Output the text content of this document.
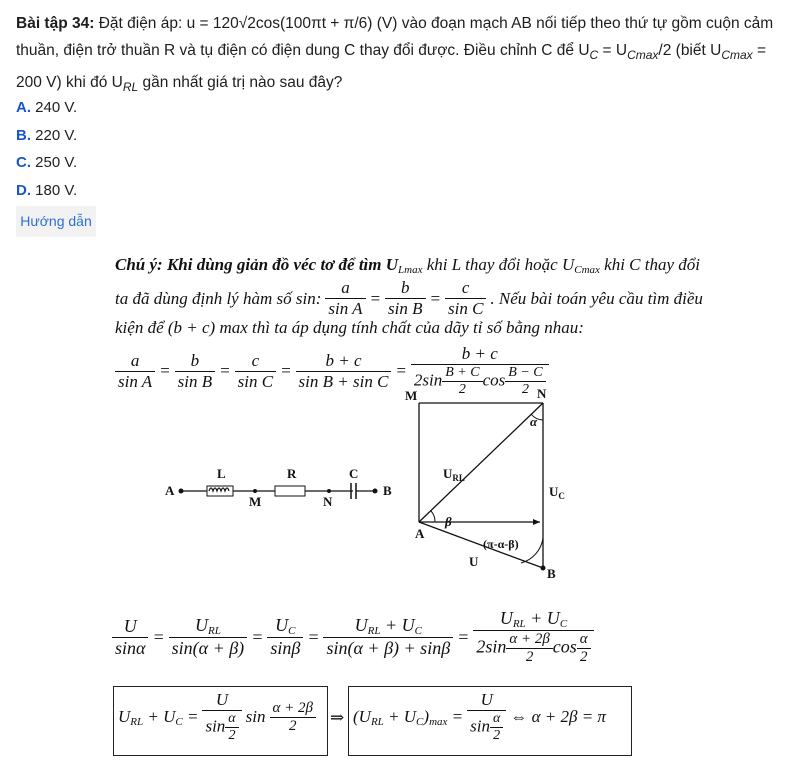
Bài tập 34: Đặt điện áp: u = 120√2cos(100πt + π/6) (V) vào đoạn mạch AB nối tiếp theo thứ tự gồm cuộn cảm thuần, điện trở thuần R và tụ điện có điện dung C thay đổi được. Điều chỉnh C để $U_C = U_{Cmax}/2$ (biết $U_{Cmax} = 200$ V) khi đó $U_{RL}$ gần nhất giá trị nào sau đây?
A. 240 V.
B. 220 V.
C. 250 V.
D. 180 V.
Hướng dẫn
Chú ý: Khi dùng giản đồ véc tơ để tìm $U_{Lmax}$ khi L thay đổi hoặc $U_{Cmax}$ khi C thay đổi
ta đã dùng định lý hàm số sin: $\frac{a}{\text{sin A}} = \frac{b}{\text{sin B}} = \frac{c}{\text{sin C}}$ . Nếu bài toán yêu cầu tìm điều
kiện để (b + c) max thì ta áp dụng tính chất của dãy tỉ số bằng nhau:
$\frac{a}{\text{sin A}} = \frac{b}{\text{sin B}} = \frac{c}{\text{sin C}} = \frac{b + c}{\text{sin B + sin C}} = \frac{b + c}{2\sin \frac{B + C}{2} \cos \frac{B - C}{2}}$
A
L
M
R
N
C
B
M	N
A
B
α
β
$U_{RL}$
$U_C$
U
(π-α-β)
$\frac{U}{\sin\alpha} = \frac{U_{RL}}{\sin(\alpha + \beta)} = \frac{U_C}{\sin\beta} = \frac{U_{RL} + U_C}{\sin(\alpha + \beta) + \sin\beta} = \frac{U_{RL} + U_C}{2\sin \frac{\alpha + 2\beta}{2} \cos \frac{\alpha}{2}}$
$U_{RL} + U_C = \frac{U}{\sin \frac{\alpha}{2}}$ $\sin \frac{\alpha + 2\beta}{2}$ ⇒ $(U_{RL} + U_C)_{max} = \frac{U}{\sin \frac{\alpha}{2}}$ ⇔ α + 2β = π
